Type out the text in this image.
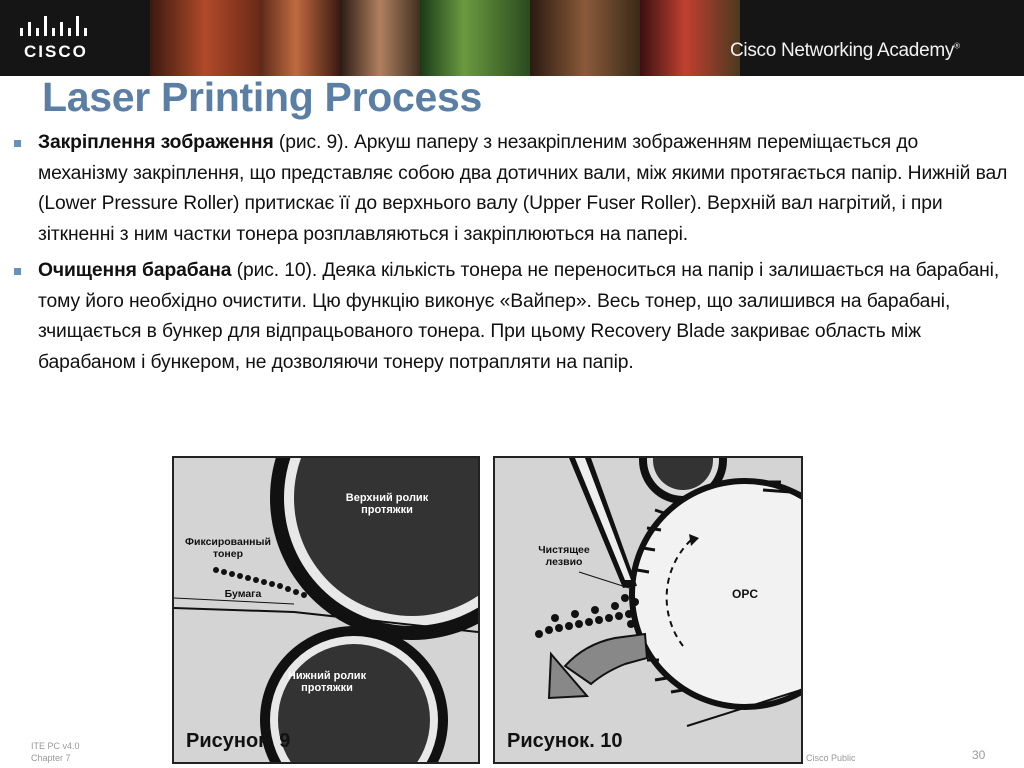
CISCO	Cisco Networking Academy®
Laser Printing Process
Закріплення зображення (рис. 9). Аркуш паперу з незакріпленим зображенням переміщається до механізму закріплення, що представляє собою два дотичних вали, між якими протягається папір. Нижній вал (Lower Pressure Roller) притискає її до верхнього валу (Upper Fuser Roller). Верхній вал нагрітий, і при зіткненні з ним частки тонера розплавляються і закріплюються на папері.
Очищення барабана (рис. 10). Деяка кількість тонера не переноситься на папір і залишається на барабані, тому його необхідно очистити. Цю функцію виконує «Вайпер». Весь тонер, що залишився на барабані, зчищається в бункер для відпрацьованого тонера. При цьому Recovery Blade закриває область між барабаном і бункером, не дозволяючи тонеру потрапляти на папір.
Верхний ролик протяжки
Фиксированный тонер
Бумага
Нижний ролик протяжки
Рисунок. 9
Чистящее лезвио
OPC
Рисунок. 10
ITE PC v4.0
Chapter 7	Cisco Public	30
